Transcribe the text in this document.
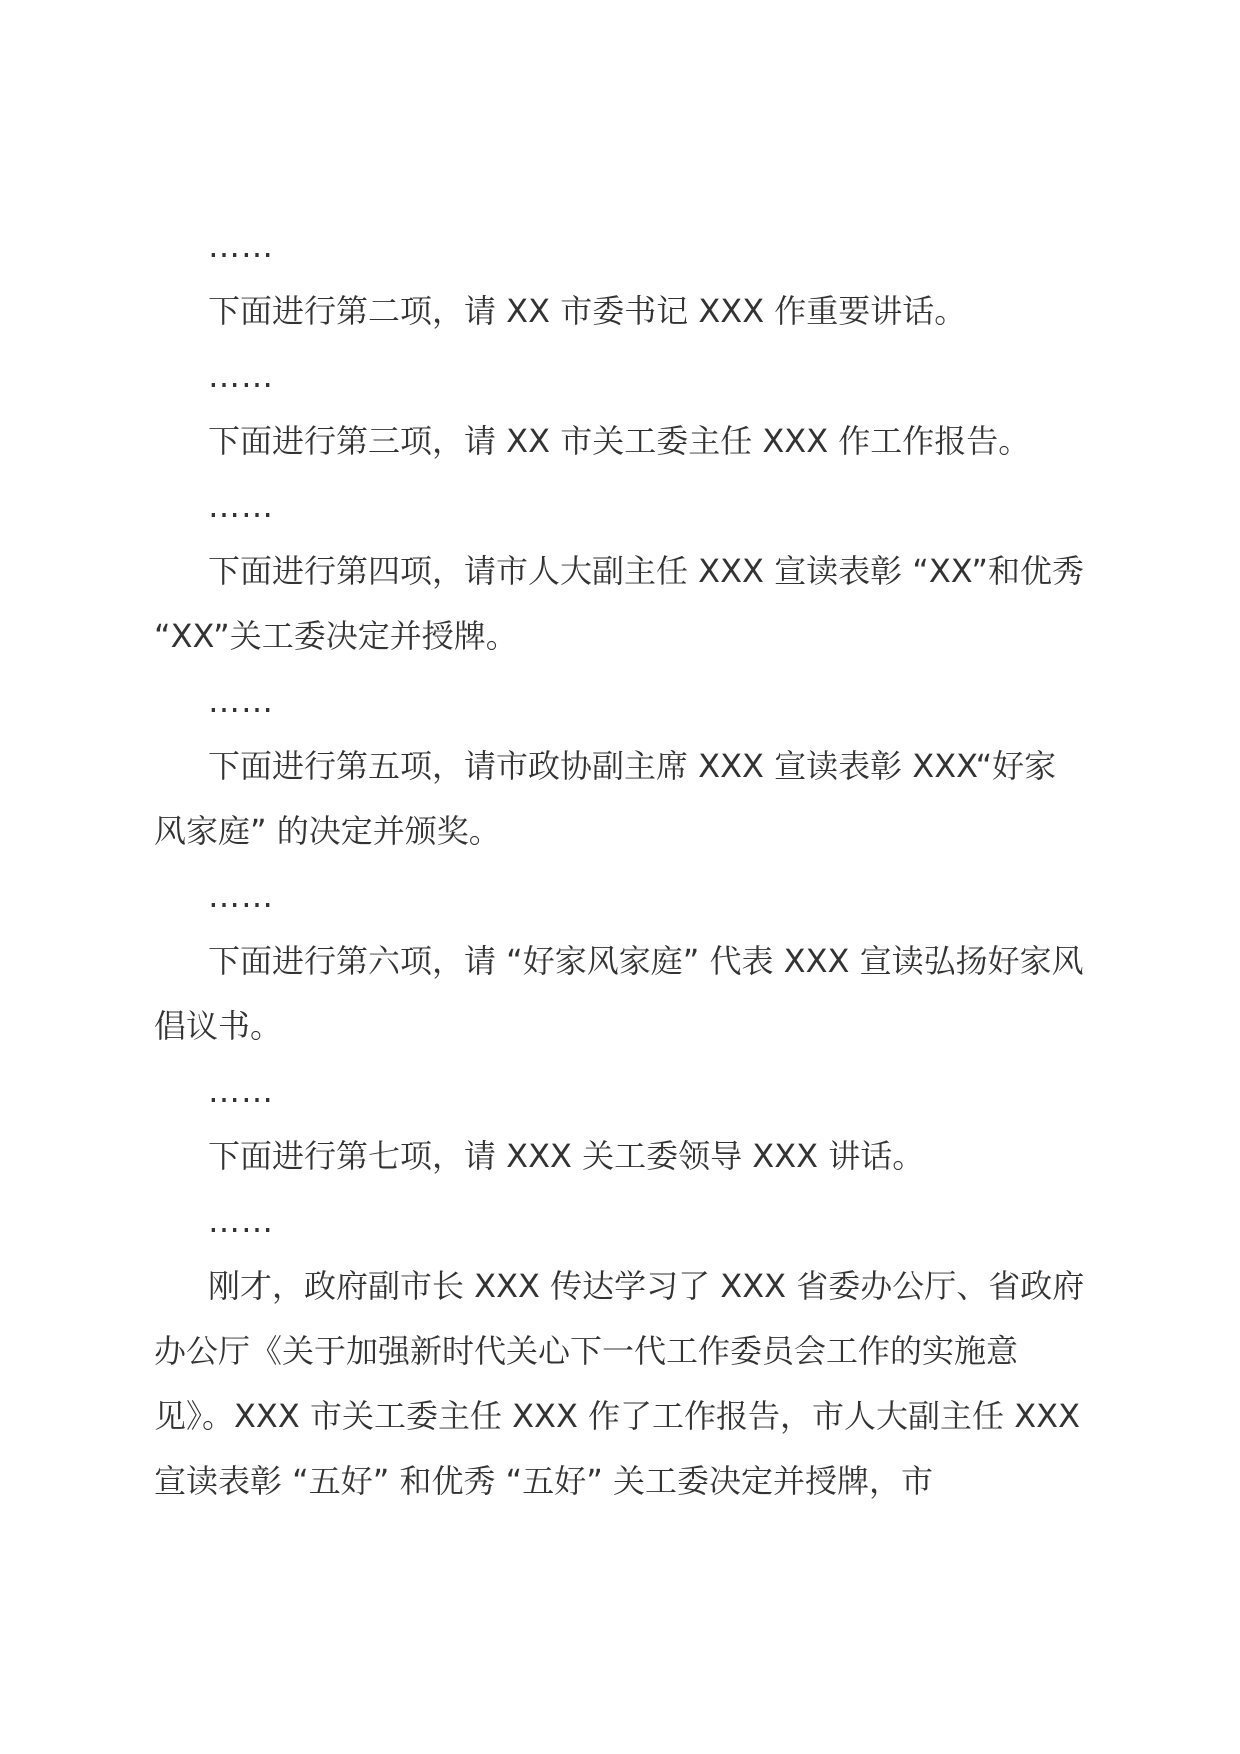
……

下面进行第二项，请 XX 市委书记 XXX 作重要讲话。

……

下面进行第三项，请 XX 市关工委主任 XXX 作工作报告。

……

下面进行第四项，请市人大副主任 XXX 宣读表彰 “XX”和优秀 “XX”关工委决定并授牌。

……

下面进行第五项，请市政协副主席 XXX 宣读表彰 XXX“好家风家庭” 的决定并颁奖。

……

下面进行第六项，请 “好家风家庭” 代表 XXX 宣读弘扬好家风倡议书。

……

下面进行第七项，请 XXX 关工委领导 XXX 讲话。

……

刚才，政府副市长 XXX 传达学习了 XXX 省委办公厅、省政府办公厅《关于加强新时代关心下一代工作委员会工作的实施意见》。XXX 市关工委主任 XXX 作了工作报告，市人大副主任 XXX 宣读表彰 “五好” 和优秀 “五好” 关工委决定并授牌，市
